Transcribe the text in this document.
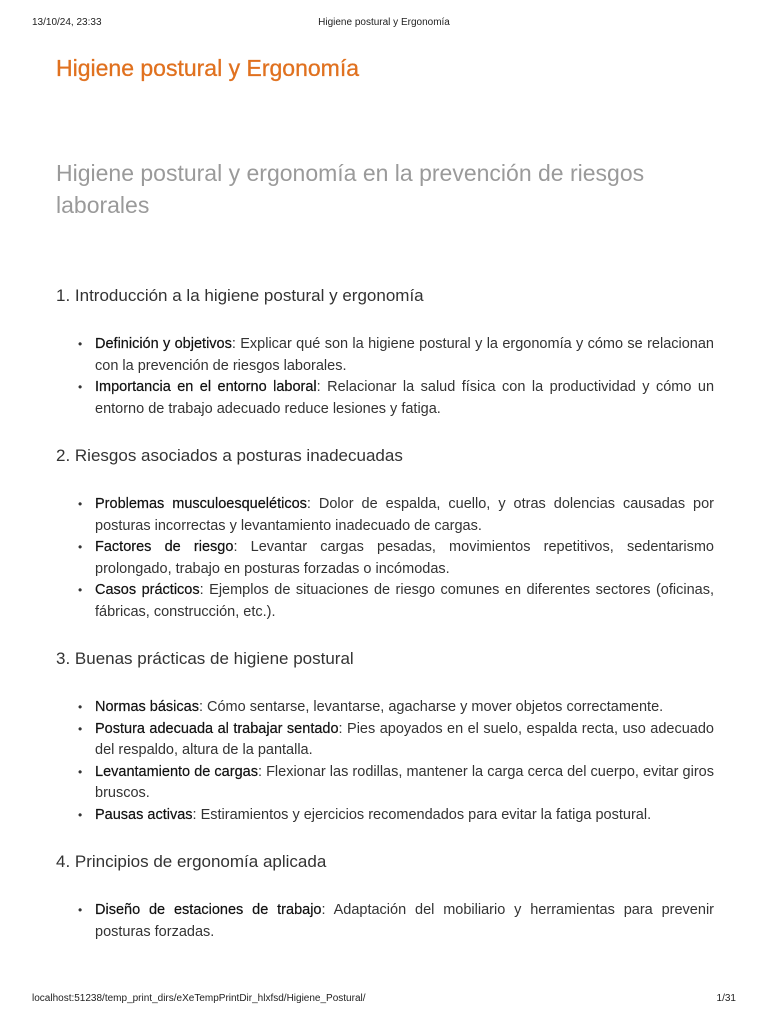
13/10/24, 23:33	Higiene postural y Ergonomía
Higiene postural y Ergonomía
Higiene postural y ergonomía en la prevención de riesgos laborales
1. Introducción a la higiene postural y ergonomía
• Definición y objetivos: Explicar qué son la higiene postural y la ergonomía y cómo se relacionan con la prevención de riesgos laborales.
• Importancia en el entorno laboral: Relacionar la salud física con la productividad y cómo un entorno de trabajo adecuado reduce lesiones y fatiga.
2. Riesgos asociados a posturas inadecuadas
• Problemas musculoesqueléticos: Dolor de espalda, cuello, y otras dolencias causadas por posturas incorrectas y levantamiento inadecuado de cargas.
• Factores de riesgo: Levantar cargas pesadas, movimientos repetitivos, sedentarismo prolongado, trabajo en posturas forzadas o incómodas.
• Casos prácticos: Ejemplos de situaciones de riesgo comunes en diferentes sectores (oficinas, fábricas, construcción, etc.).
3. Buenas prácticas de higiene postural
• Normas básicas: Cómo sentarse, levantarse, agacharse y mover objetos correctamente.
• Postura adecuada al trabajar sentado: Pies apoyados en el suelo, espalda recta, uso adecuado del respaldo, altura de la pantalla.
• Levantamiento de cargas: Flexionar las rodillas, mantener la carga cerca del cuerpo, evitar giros bruscos.
• Pausas activas: Estiramientos y ejercicios recomendados para evitar la fatiga postural.
4. Principios de ergonomía aplicada
• Diseño de estaciones de trabajo: Adaptación del mobiliario y herramientas para prevenir posturas forzadas.
localhost:51238/temp_print_dirs/eXeTempPrintDir_hlxfsd/Higiene_Postural/	1/31
